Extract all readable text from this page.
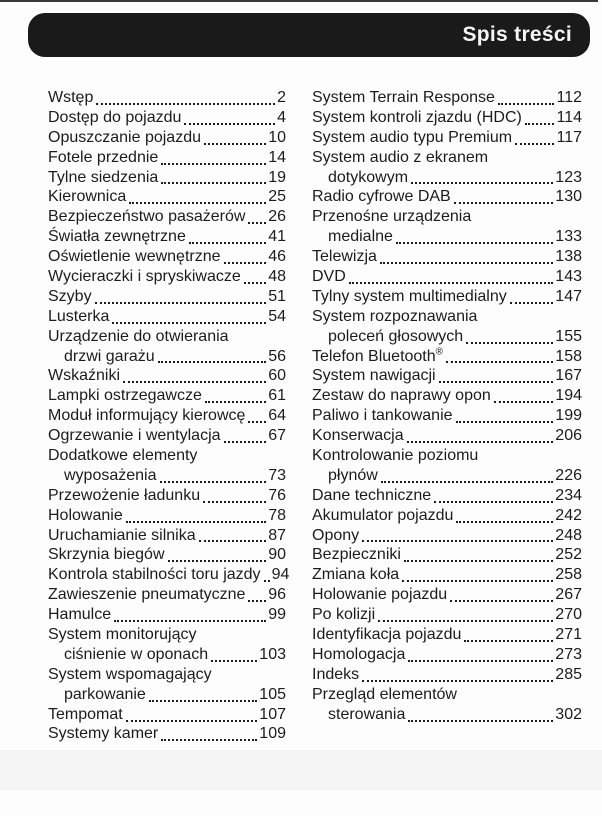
Spis treści
Wstęp	2
Dostęp do pojazdu	4
Opuszczanie pojazdu	10
Fotele przednie	14
Tylne siedzenia	19
Kierownica	25
Bezpieczeństwo pasażerów 26
Światła zewnętrzne	41
Oświetlenie wewnętrzne	46
Wycieraczki i spryskiwacze 48
Szyby	51
Lusterka	54
Urządzenie do otwierania
drzwi garażu	56
Wskaźniki	60
Lampki ostrzegawcze	61
Moduł informujący kierowcę 64
Ogrzewanie i wentylacja	67
Dodatkowe elementy
wyposażenia	73
Przewożenie ładunku	76
Holowanie	78
Uruchamianie silnika	87
Skrzynia biegów	90
Kontrola stabilności toru jazdy 94
Zawieszenie pneumatyczne 96
Hamulce	99
System monitorujący
ciśnienie w oponach	103
System wspomagający
parkowanie	105
Tempomat	107
Systemy kamer	109
System Terrain Response	112
System kontroli zjazdu (HDC) 114
System audio typu Premium	117
System audio z ekranem
dotykowym	123
Radio cyfrowe DAB	130
Przenośne urządzenia
medialne	133
Telewizja	138
DVD	143
Tylny system multimedialny	147
System rozpoznawania
poleceń głosowych	155
Telefon Bluetooth®	158
System nawigacji	167
Zestaw do naprawy opon	194
Paliwo i tankowanie	199
Konserwacja	206
Kontrolowanie poziomu
płynów	226
Dane techniczne	234
Akumulator pojazdu	242
Opony	248
Bezpieczniki	252
Zmiana koła	258
Holowanie pojazdu	267
Po kolizji	270
Identyfikacja pojazdu	271
Homologacja	273
Indeks	285
Przegląd elementów
sterowania	302
